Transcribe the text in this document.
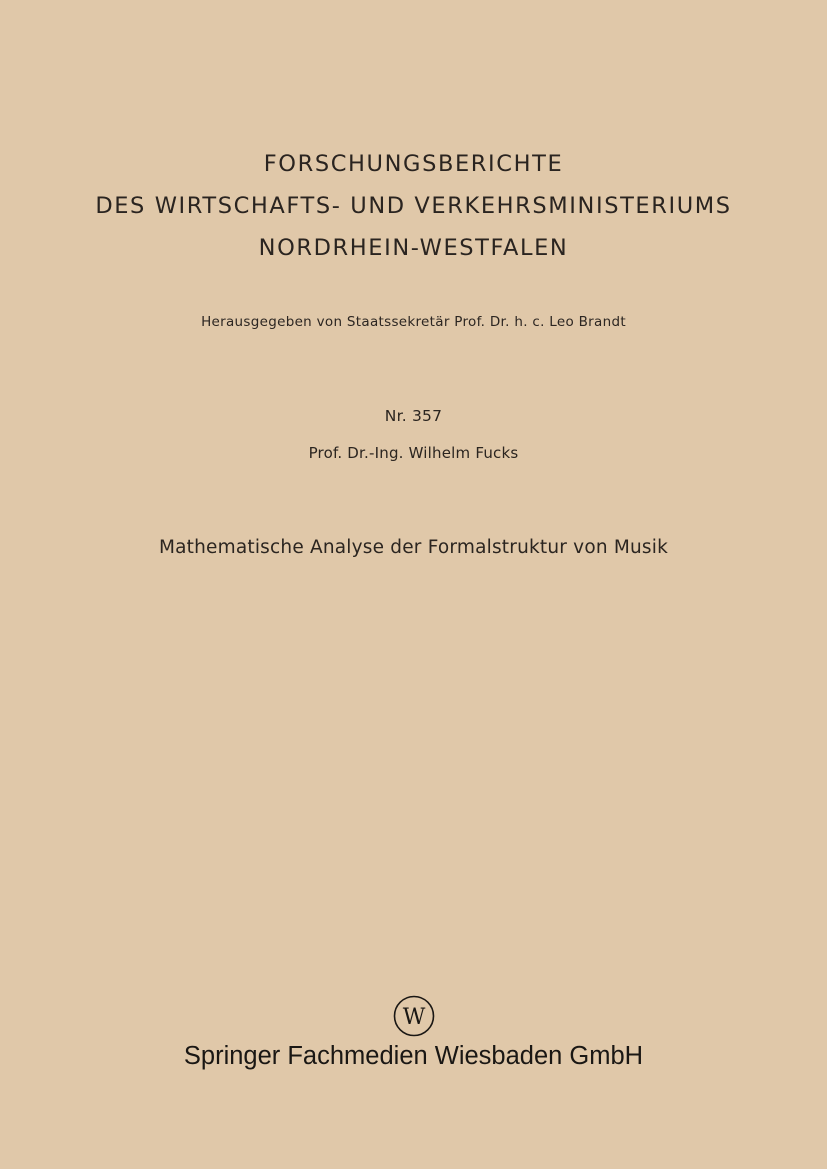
FORSCHUNGSBERICHTE
DES WIRTSCHAFTS- UND VERKEHRSMINISTERIUMS
NORDRHEIN-WESTFALEN
Herausgegeben von Staatssekretär Prof. Dr. h. c. Leo Brandt
Nr. 357
Prof. Dr.-Ing. Wilhelm Fucks
Mathematische Analyse der Formalstruktur von Musik
W
Springer Fachmedien Wiesbaden GmbH
